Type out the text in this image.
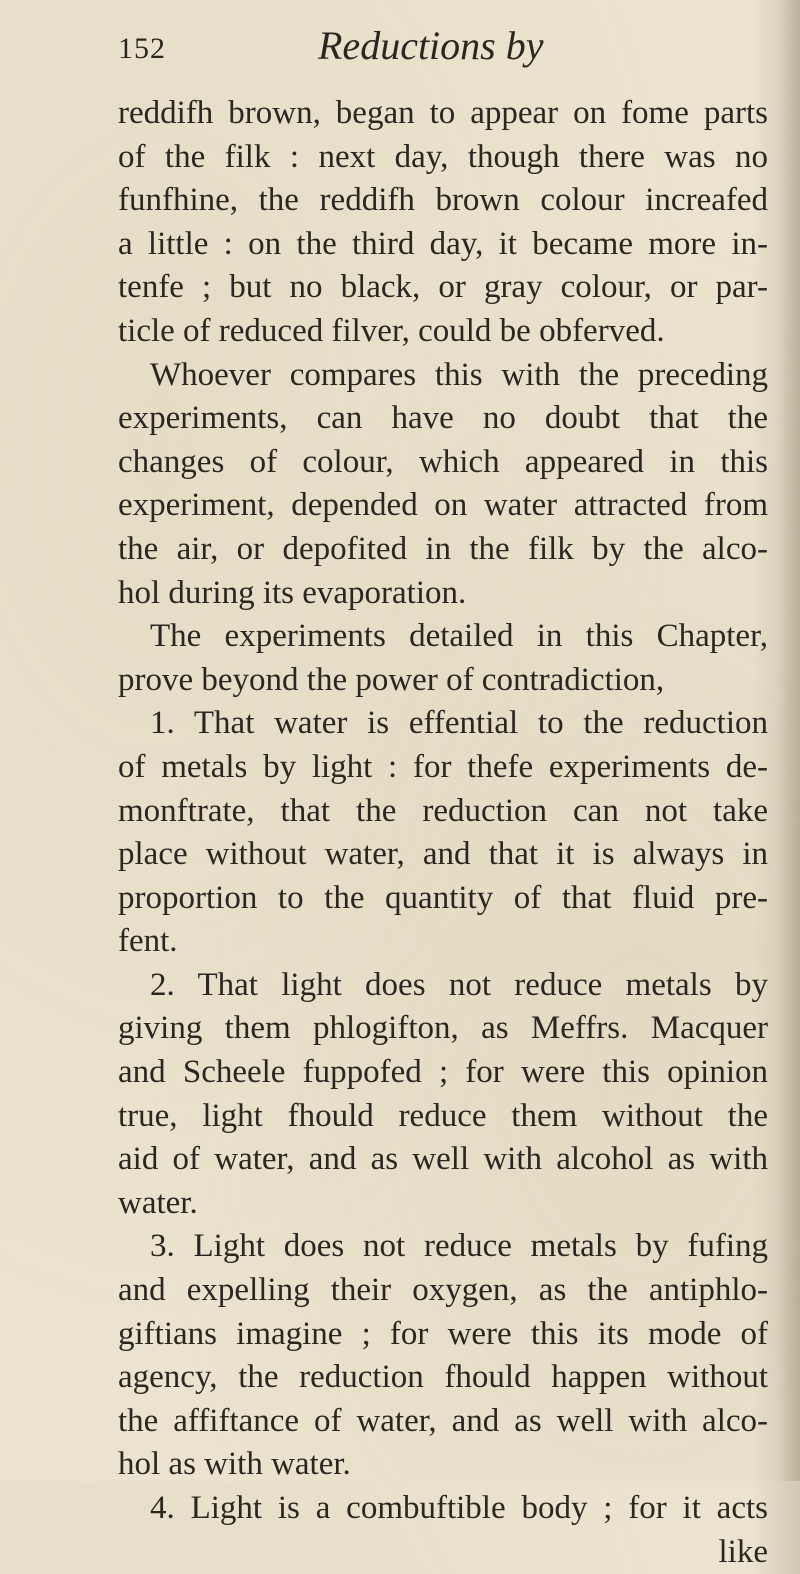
152	Reductions by
reddifh brown, began to appear on fome parts
of the filk : next day, though there was no
funfhine, the reddifh brown colour increafed
a little : on the third day, it became more in-
tenfe ; but no black, or gray colour, or par-
ticle of reduced filver, could be obferved.
Whoever compares this with the preceding
experiments, can have no doubt that the
changes of colour, which appeared in this
experiment, depended on water attracted from
the air, or depofited in the filk by the alco-
hol during its evaporation.
The experiments detailed in this Chapter,
prove beyond the power of contradiction,
1. That water is effential to the reduction
of metals by light : for thefe experiments de-
monftrate, that the reduction can not take
place without water, and that it is always in
proportion to the quantity of that fluid pre-
fent.
2. That light does not reduce metals by
giving them phlogifton, as Meffrs. Macquer
and Scheele fuppofed ; for were this opinion
true, light fhould reduce them without the
aid of water, and as well with alcohol as with
water.
3. Light does not reduce metals by fufing
and expelling their oxygen, as the antiphlo-
giftians imagine ; for were this its mode of
agency, the reduction fhould happen without
the affiftance of water, and as well with alco-
hol as with water.
4. Light is a combuftible body ; for it acts
like
